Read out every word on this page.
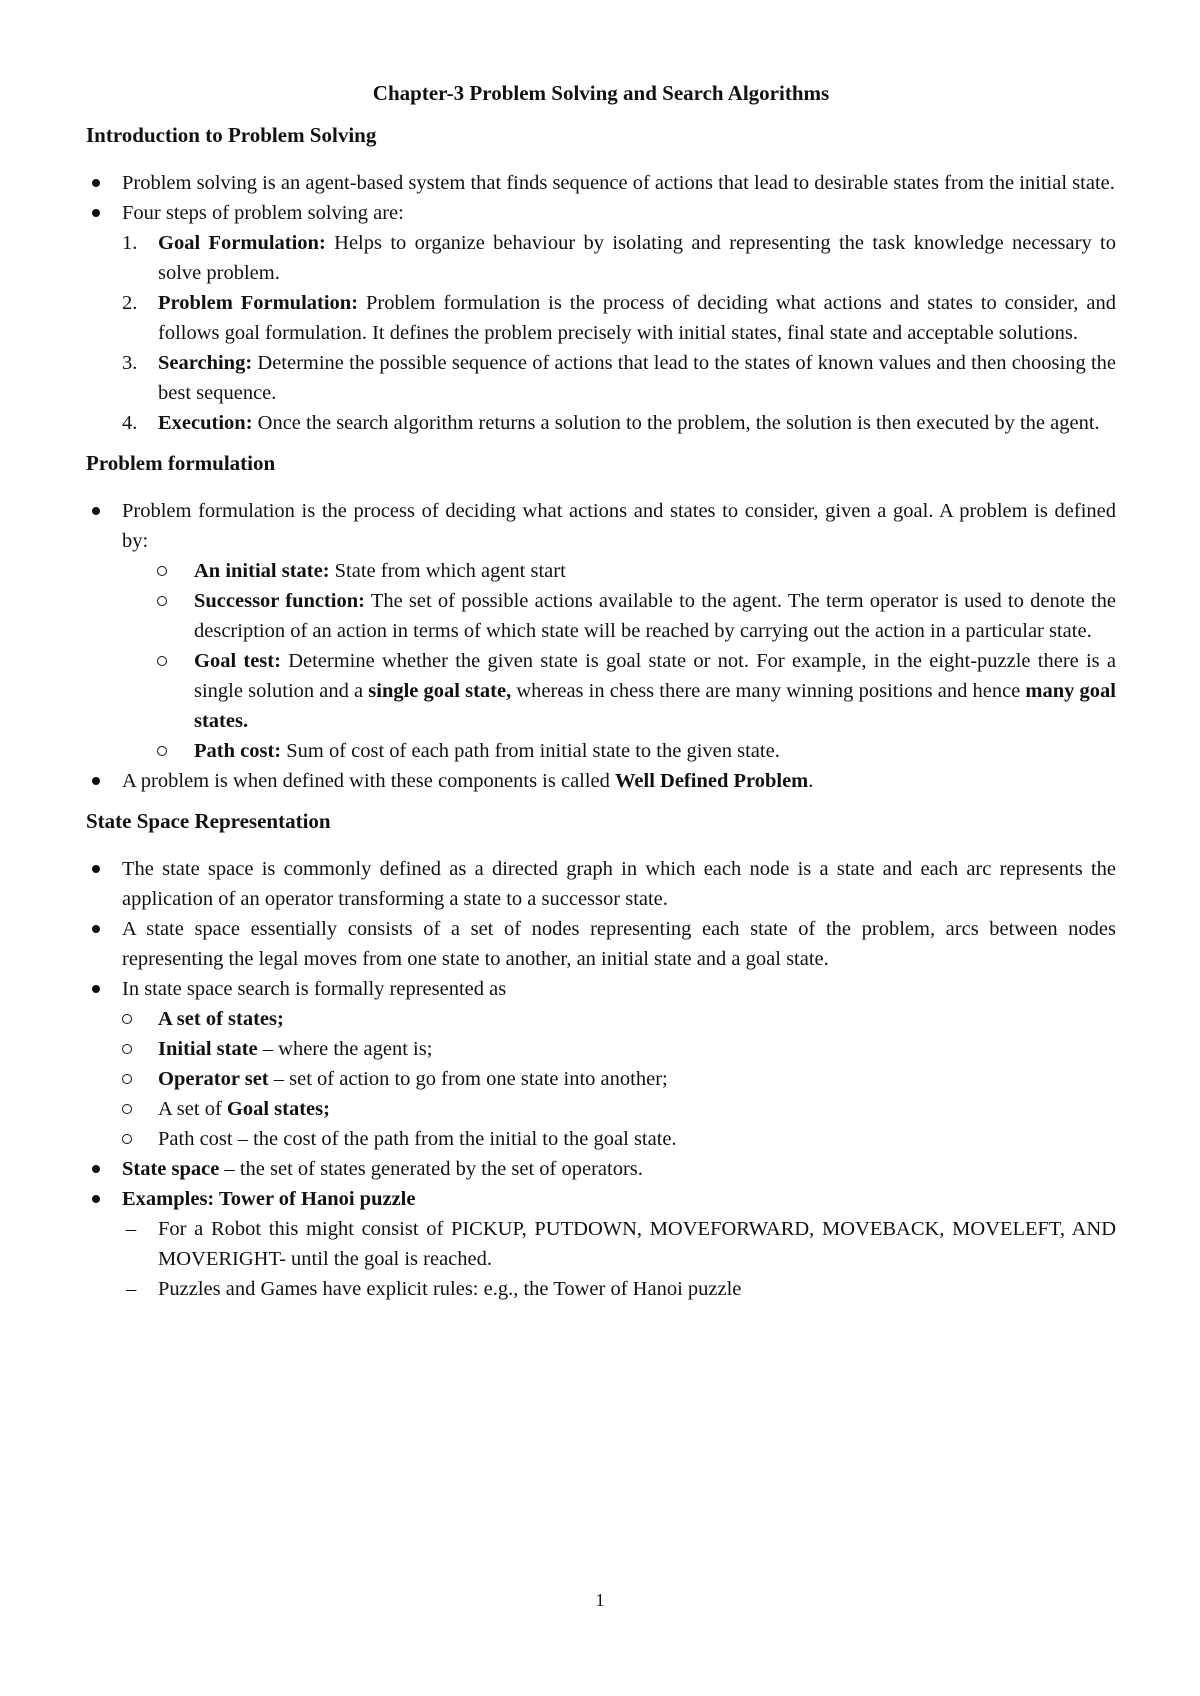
Chapter-3 Problem Solving and Search Algorithms

Introduction to Problem Solving

Problem solving is an agent-based system that finds sequence of actions that lead to desirable states from the initial state.
Four steps of problem solving are:
1. Goal Formulation: Helps to organize behaviour by isolating and representing the task knowledge necessary to solve problem.
2. Problem Formulation: Problem formulation is the process of deciding what actions and states to consider, and follows goal formulation. It defines the problem precisely with initial states, final state and acceptable solutions.
3. Searching: Determine the possible sequence of actions that lead to the states of known values and then choosing the best sequence.
4. Execution: Once the search algorithm returns a solution to the problem, the solution is then executed by the agent.

Problem formulation

Problem formulation is the process of deciding what actions and states to consider, given a goal. A problem is defined by:
An initial state: State from which agent start
Successor function: The set of possible actions available to the agent. The term operator is used to denote the description of an action in terms of which state will be reached by carrying out the action in a particular state.
Goal test: Determine whether the given state is goal state or not. For example, in the eight-puzzle there is a single solution and a single goal state, whereas in chess there are many winning positions and hence many goal states.
Path cost: Sum of cost of each path from initial state to the given state.
A problem is when defined with these components is called Well Defined Problem.

State Space Representation

The state space is commonly defined as a directed graph in which each node is a state and each arc represents the application of an operator transforming a state to a successor state.
A state space essentially consists of a set of nodes representing each state of the problem, arcs between nodes representing the legal moves from one state to another, an initial state and a goal state.
In state space search is formally represented as
A set of states;
Initial state – where the agent is;
Operator set – set of action to go from one state into another;
A set of Goal states;
Path cost – the cost of the path from the initial to the goal state.
State space – the set of states generated by the set of operators.
Examples: Tower of Hanoi puzzle
– For a Robot this might consist of PICKUP, PUTDOWN, MOVEFORWARD, MOVEBACK, MOVELEFT, AND MOVERIGHT- until the goal is reached.
– Puzzles and Games have explicit rules: e.g., the Tower of Hanoi puzzle
1
